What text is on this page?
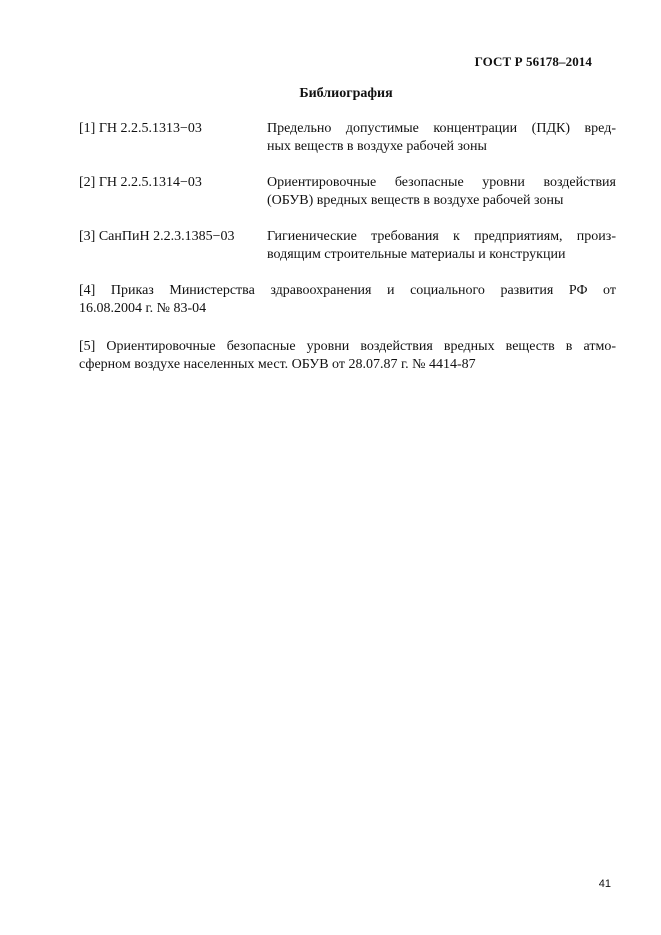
ГОСТ Р 56178–2014
Библиография
[1] ГН 2.2.5.1313−03	Предельно допустимые концентрации (ПДК) вред-
ных веществ в воздухе рабочей зоны
[2] ГН 2.2.5.1314−03	Ориентировочные безопасные уровни воздействия
(ОБУВ) вредных веществ в воздухе рабочей зоны
[3] СанПиН 2.2.3.1385−03	Гигиенические требования к предприятиям, произ-
водящим строительные материалы и конструкции
[4] Приказ Министерства здравоохранения и социального развития РФ от
16.08.2004 г. № 83-04
[5] Ориентировочные безопасные уровни воздействия вредных веществ в атмо-
сферном воздухе населенных мест. ОБУВ от 28.07.87 г. № 4414-87
41
